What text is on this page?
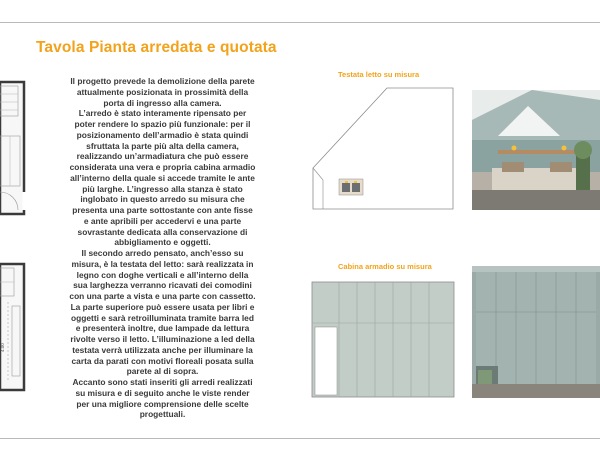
Tavola Pianta arredata e quotata
4.00

Il progetto prevede la demolizione della parete

attualmente posizionata in prossimità della

porta di ingresso alla camera.

L’arredo è stato interamente ripensato per

poter rendere lo spazio più funzionale: per il

posizionamento dell’armadio è stata quindi

sfruttata la parte più alta della camera,

realizzando un’armadiatura che può essere

considerata una vera e propria cabina armadio

all’interno della quale si accede tramite le ante

più larghe. L’ingresso alla stanza è stato

inglobato in questo arredo su misura che

presenta una parte sottostante con ante fisse

e ante apribili per accedervi e una parte

sovrastante dedicata alla conservazione di

abbigliamento e oggetti.

Il secondo arredo pensato, anch’esso su

misura, è la testata del letto: sarà realizzata in

legno con doghe verticali e all’interno della

sua larghezza verranno ricavati dei comodini

con una parte a vista e una parte con cassetto.

La parte superiore può essere usata per libri e

oggetti e sarà retroilluminata tramite barra led

e presenterà inoltre, due lampade da lettura

rivolte verso il letto. L’illuminazione a led della

testata verrà utilizzata anche per illuminare la

carta da parati con motivi floreali posata sulla

parete al di sopra.

Accanto sono stati inseriti gli arredi realizzati

su misura e di seguito anche le viste render

per una migliore comprensione delle scelte

progettuali.

Testata letto su misura
Cabina armadio su misura
